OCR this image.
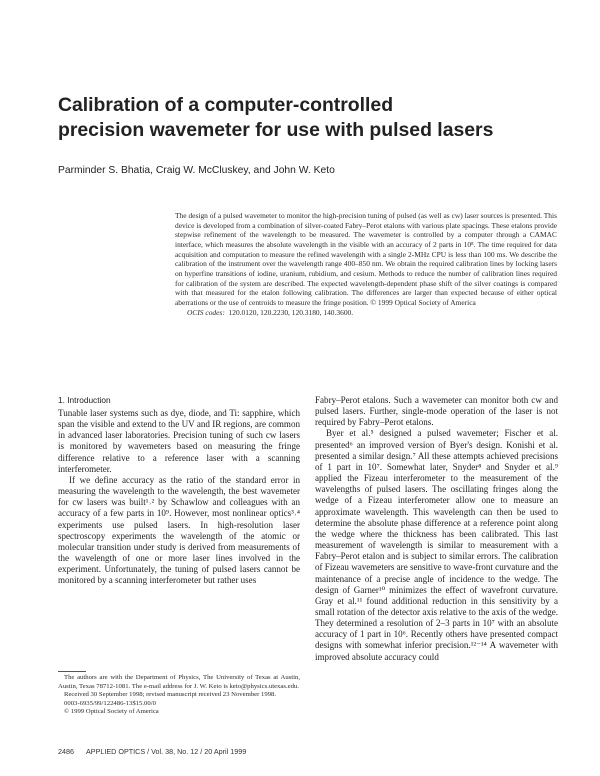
Calibration of a computer-controlled
precision wavemeter for use with pulsed lasers
Parminder S. Bhatia, Craig W. McCluskey, and John W. Keto

The design of a pulsed wavemeter to monitor the high-precision tuning of pulsed (as well as cw) laser sources is presented. This device is developed from a combination of silver-coated Fabry–Perot etalons with various plate spacings. These etalons provide stepwise refinement of the wavelength to be measured. The wavemeter is controlled by a computer through a CAMAC interface, which measures the absolute wavelength in the visible with an accuracy of 2 parts in 10⁸. The time required for data acquisition and computation to measure the refined wavelength with a single 2-MHz CPU is less than 100 ms. We describe the calibration of the instrument over the wavelength range 400–850 nm. We obtain the required calibration lines by locking lasers on hyperfine transitions of iodine, uranium, rubidium, and cesium. Methods to reduce the number of calibration lines required for calibration of the system are described. The expected wavelength-dependent phase shift of the silver coatings is compared with that measured for the etalon following calibration. The differences are larger than expected because of either optical aberrations or the use of centroids to measure the fringe position. © 1999 Optical Society of America

OCIS codes: 120.0120, 120.2230, 120.3180, 140.3600.

1. Introduction

Tunable laser systems such as dye, diode, and Ti: sapphire, which span the visible and extend to the UV and IR regions, are common in advanced laser laboratories. Precision tuning of such cw lasers is monitored by wavemeters based on measuring the fringe difference relative to a reference laser with a scanning interferometer.

If we define accuracy as the ratio of the standard error in measuring the wavelength to the wavelength, the best wavemeter for cw lasers was built¹˒² by Schawlow and colleagues with an accuracy of a few parts in 10⁹. However, most nonlinear optics³˒⁴ experiments use pulsed lasers. In high-resolution laser spectroscopy experiments the wavelength of the atomic or molecular transition under study is derived from measurements of the wavelength of one or more laser lines involved in the experiment. Unfortunately, the tuning of pulsed lasers cannot be monitored by a scanning interferometer but rather uses

Fabry–Perot etalons. Such a wavemeter can monitor both cw and pulsed lasers. Further, single-mode operation of the laser is not required by Fabry–Perot etalons.

Byer et al.⁵ designed a pulsed wavemeter; Fischer et al. presented⁶ an improved version of Byer's design. Konishi et al. presented a similar design.⁷ All these attempts achieved precisions of 1 part in 10⁷. Somewhat later, Snyder⁸ and Snyder et al.⁹ applied the Fizeau interferometer to the measurement of the wavelengths of pulsed lasers. The oscillating fringes along the wedge of a Fizeau interferometer allow one to measure an approximate wavelength. This wavelength can then be used to determine the absolute phase difference at a reference point along the wedge where the thickness has been calibrated. This last measurement of wavelength is similar to measurement with a Fabry–Perot etalon and is subject to similar errors. The calibration of Fizeau wavemeters are sensitive to wave-front curvature and the maintenance of a precise angle of incidence to the wedge. The design of Garner¹⁰ minimizes the effect of wavefront curvature. Gray et al.¹¹ found additional reduction in this sensitivity by a small rotation of the detector axis relative to the axis of the wedge. They determined a resolution of 2–3 parts in 10⁷ with an absolute accuracy of 1 part in 10⁶. Recently others have presented compact designs with somewhat inferior precision.¹²⁻¹⁴ A wavemeter with improved absolute accuracy could

The authors are with the Department of Physics, The University of Texas at Austin, Austin, Texas 78712-1081. The e-mail address for J. W. Keto is keto@physics.utexas.edu.

Received 30 September 1998; revised manuscript received 23 November 1998.

0003-6935/99/122486-13$15.00/0

© 1999 Optical Society of America

2486 APPLIED OPTICS / Vol. 38, No. 12 / 20 April 1999
